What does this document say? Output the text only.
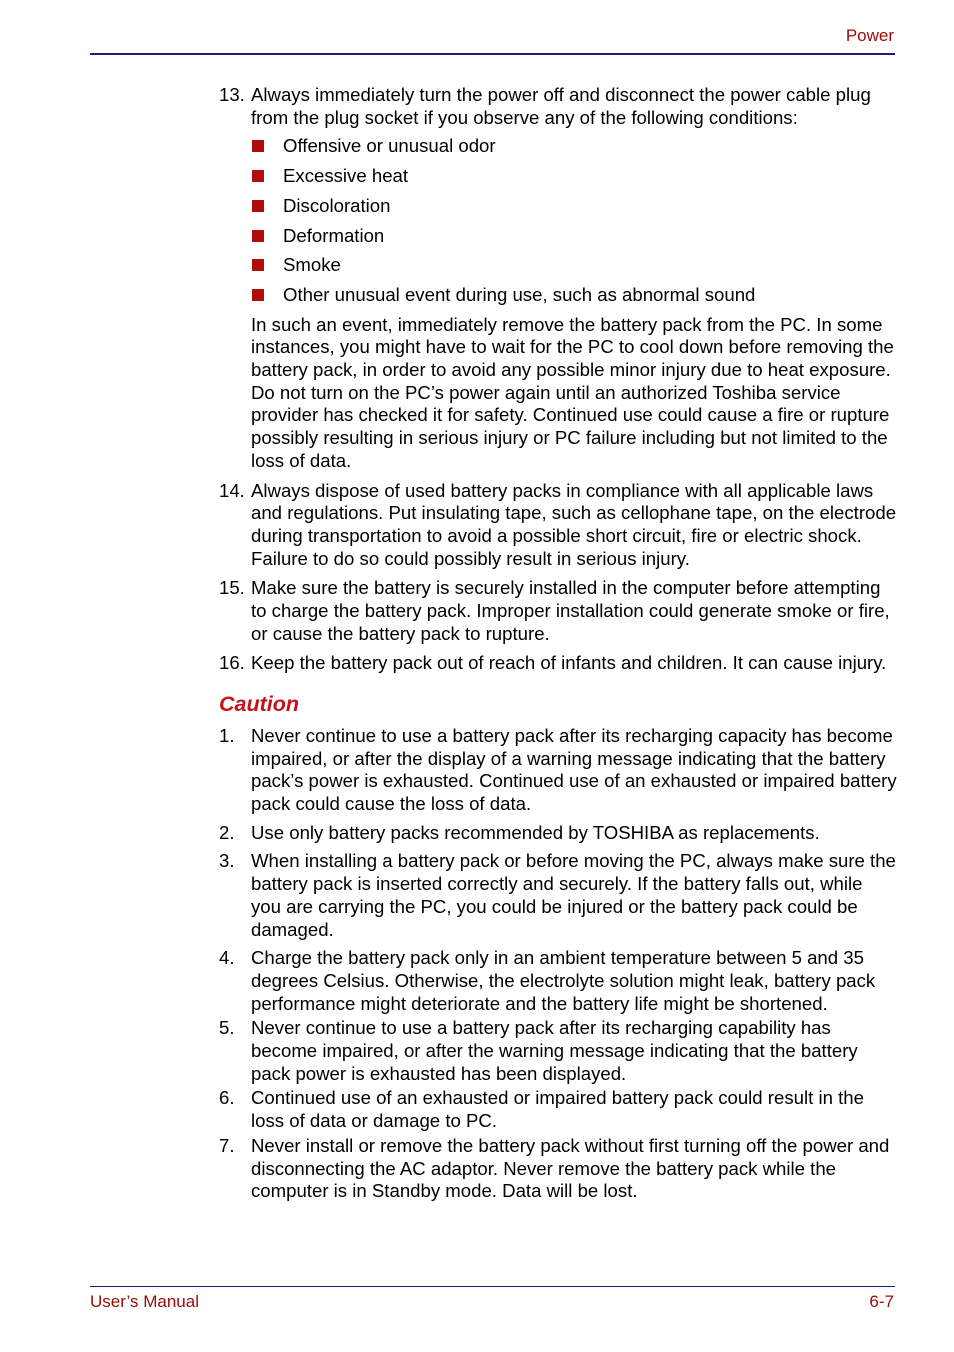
Power
13. Always immediately turn the power off and disconnect the power cable plug from the plug socket if you observe any of the following conditions:
Offensive or unusual odor
Excessive heat
Discoloration
Deformation
Smoke
Other unusual event during use, such as abnormal sound
In such an event, immediately remove the battery pack from the PC. In some instances, you might have to wait for the PC to cool down before removing the battery pack, in order to avoid any possible minor injury due to heat exposure. Do not turn on the PC’s power again until an authorized Toshiba service provider has checked it for safety. Continued use could cause a fire or rupture possibly resulting in serious injury or PC failure including but not limited to the loss of data.
14. Always dispose of used battery packs in compliance with all applicable laws and regulations. Put insulating tape, such as cellophane tape, on the electrode during transportation to avoid a possible short circuit, fire or electric shock. Failure to do so could possibly result in serious injury.
15. Make sure the battery is securely installed in the computer before attempting to charge the battery pack. Improper installation could generate smoke or fire, or cause the battery pack to rupture.
16. Keep the battery pack out of reach of infants and children. It can cause injury.
Caution
1. Never continue to use a battery pack after its recharging capacity has become impaired, or after the display of a warning message indicating that the battery pack’s power is exhausted. Continued use of an exhausted or impaired battery pack could cause the loss of data.
2. Use only battery packs recommended by TOSHIBA as replacements.
3. When installing a battery pack or before moving the PC, always make sure the battery pack is inserted correctly and securely. If the battery falls out, while you are carrying the PC, you could be injured or the battery pack could be damaged.
4. Charge the battery pack only in an ambient temperature between 5 and 35 degrees Celsius. Otherwise, the electrolyte solution might leak, battery pack performance might deteriorate and the battery life might be shortened.
5. Never continue to use a battery pack after its recharging capability has become impaired, or after the warning message indicating that the battery pack power is exhausted has been displayed.
6. Continued use of an exhausted or impaired battery pack could result in the loss of data or damage to PC.
7. Never install or remove the battery pack without first turning off the power and disconnecting the AC adaptor. Never remove the battery pack while the computer is in Standby mode. Data will be lost.
User’s Manual	6-7
